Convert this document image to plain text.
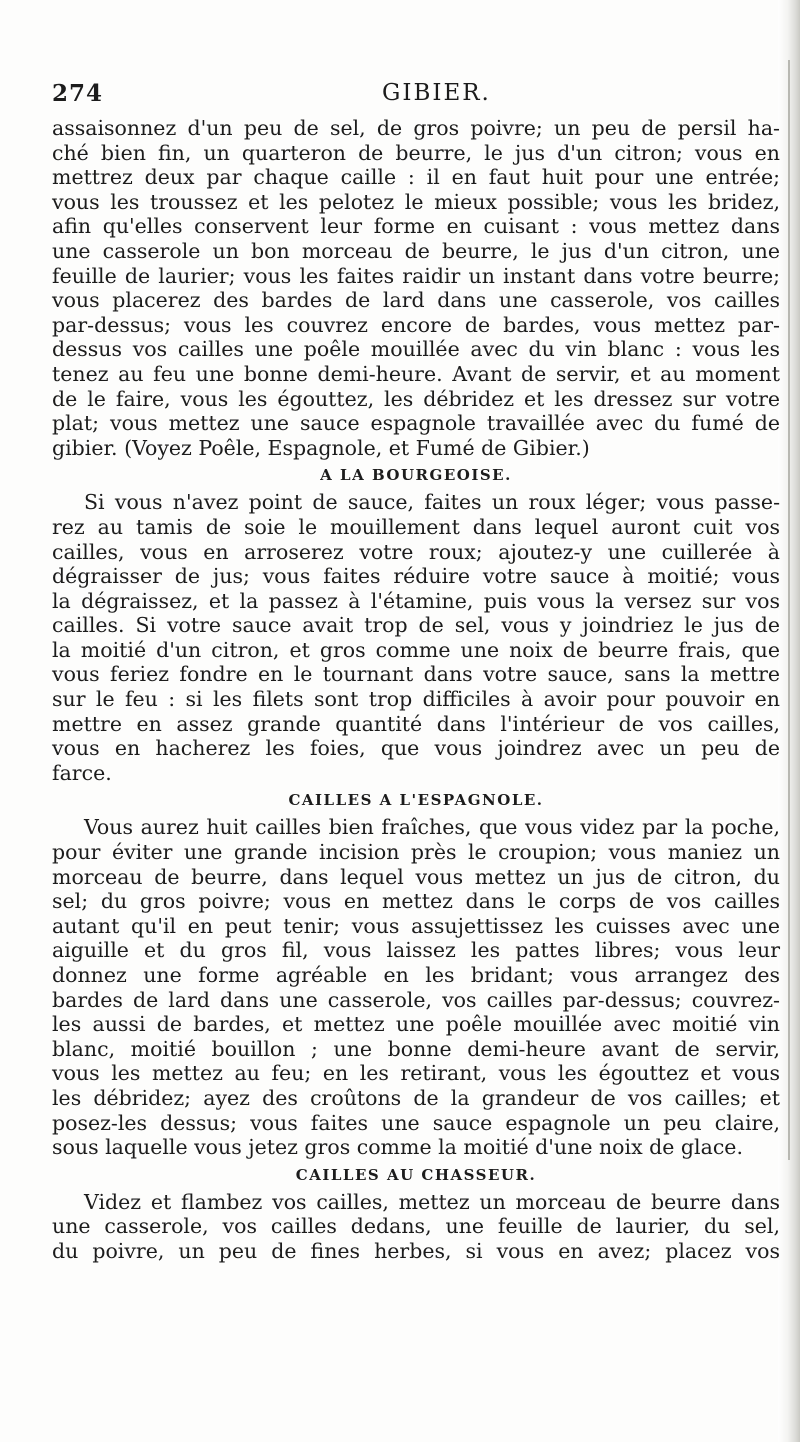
274	GIBIER.
assaisonnez d'un peu de sel, de gros poivre; un peu de persil ha-
ché bien fin, un quarteron de beurre, le jus d'un citron; vous en
mettrez deux par chaque caille : il en faut huit pour une entrée;
vous les troussez et les pelotez le mieux possible; vous les bridez,
afin qu'elles conservent leur forme en cuisant : vous mettez dans
une casserole un bon morceau de beurre, le jus d'un citron, une
feuille de laurier; vous les faites raidir un instant dans votre beurre;
vous placerez des bardes de lard dans une casserole, vos cailles
par-dessus; vous les couvrez encore de bardes, vous mettez par-
dessus vos cailles une poêle mouillée avec du vin blanc : vous les
tenez au feu une bonne demi-heure. Avant de servir, et au moment
de le faire, vous les égouttez, les débridez et les dressez sur votre
plat; vous mettez une sauce espagnole travaillée avec du fumé de
gibier. (Voyez Poêle, Espagnole, et Fumé de Gibier.)
A LA BOURGEOISE.
Si vous n'avez point de sauce, faites un roux léger; vous passe-
rez au tamis de soie le mouillement dans lequel auront cuit vos
cailles, vous en arroserez votre roux; ajoutez-y une cuillerée à
dégraisser de jus; vous faites réduire votre sauce à moitié; vous
la dégraissez, et la passez à l'étamine, puis vous la versez sur vos
cailles. Si votre sauce avait trop de sel, vous y joindriez le jus de
la moitié d'un citron, et gros comme une noix de beurre frais, que
vous feriez fondre en le tournant dans votre sauce, sans la mettre
sur le feu : si les filets sont trop difficiles à avoir pour pouvoir en
mettre en assez grande quantité dans l'intérieur de vos cailles,
vous en hacherez les foies, que vous joindrez avec un peu de
farce.
CAILLES A L'ESPAGNOLE.
Vous aurez huit cailles bien fraîches, que vous videz par la poche,
pour éviter une grande incision près le croupion; vous maniez un
morceau de beurre, dans lequel vous mettez un jus de citron, du
sel; du gros poivre; vous en mettez dans le corps de vos cailles
autant qu'il en peut tenir; vous assujettissez les cuisses avec une
aiguille et du gros fil, vous laissez les pattes libres; vous leur
donnez une forme agréable en les bridant; vous arrangez des
bardes de lard dans une casserole, vos cailles par-dessus; couvrez-
les aussi de bardes, et mettez une poêle mouillée avec moitié vin
blanc, moitié bouillon ; une bonne demi-heure avant de servir,
vous les mettez au feu; en les retirant, vous les égouttez et vous
les débridez; ayez des croûtons de la grandeur de vos cailles; et
posez-les dessus; vous faites une sauce espagnole un peu claire,
sous laquelle vous jetez gros comme la moitié d'une noix de glace.
CAILLES AU CHASSEUR.
Videz et flambez vos cailles, mettez un morceau de beurre dans
une casserole, vos cailles dedans, une feuille de laurier, du sel,
du poivre, un peu de fines herbes, si vous en avez; placez vos
